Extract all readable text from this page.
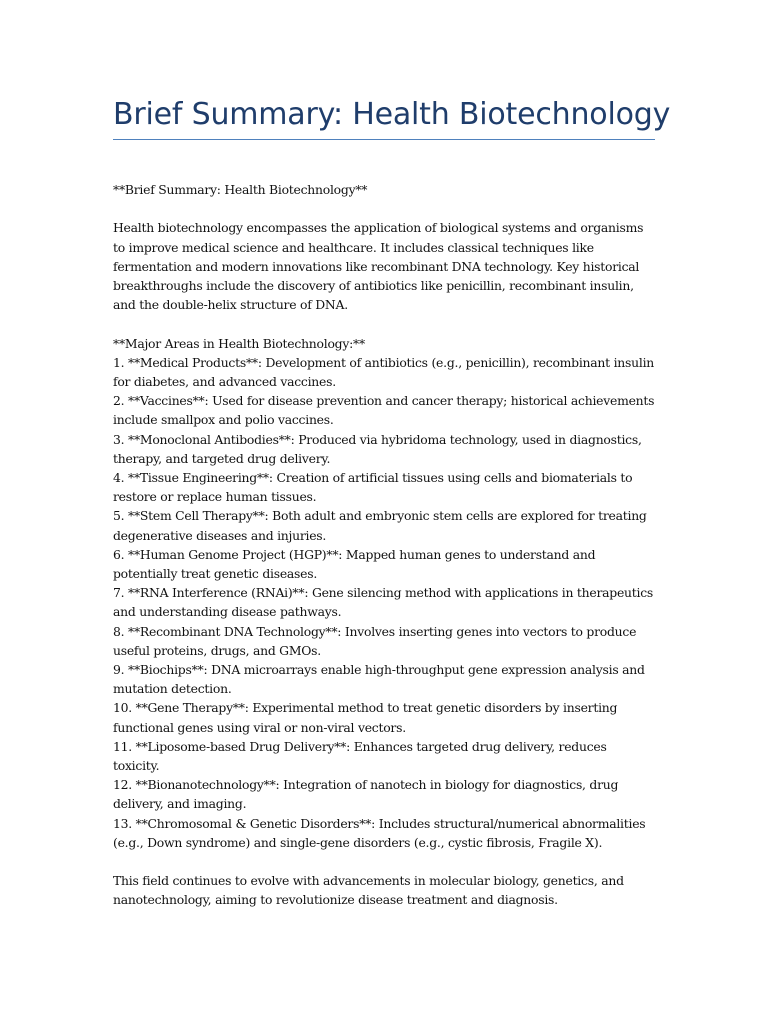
Brief Summary: Health Biotechnology

**Brief Summary: Health Biotechnology**

Health biotechnology encompasses the application of biological systems and organisms to improve medical science and healthcare. It includes classical techniques like fermentation and modern innovations like recombinant DNA technology. Key historical breakthroughs include the discovery of antibiotics like penicillin, recombinant insulin, and the double-helix structure of DNA.

**Major Areas in Health Biotechnology:**

1. **Medical Products**: Development of antibiotics (e.g., penicillin), recombinant insulin for diabetes, and advanced vaccines.
2. **Vaccines**: Used for disease prevention and cancer therapy; historical achievements include smallpox and polio vaccines.
3. **Monoclonal Antibodies**: Produced via hybridoma technology, used in diagnostics, therapy, and targeted drug delivery.
4. **Tissue Engineering**: Creation of artificial tissues using cells and biomaterials to restore or replace human tissues.
5. **Stem Cell Therapy**: Both adult and embryonic stem cells are explored for treating degenerative diseases and injuries.
6. **Human Genome Project (HGP)**: Mapped human genes to understand and potentially treat genetic diseases.
7. **RNA Interference (RNAi)**: Gene silencing method with applications in therapeutics and understanding disease pathways.
8. **Recombinant DNA Technology**: Involves inserting genes into vectors to produce useful proteins, drugs, and GMOs.
9. **Biochips**: DNA microarrays enable high-throughput gene expression analysis and mutation detection.
10. **Gene Therapy**: Experimental method to treat genetic disorders by inserting functional genes using viral or non-viral vectors.
11. **Liposome-based Drug Delivery**: Enhances targeted drug delivery, reduces toxicity.
12. **Bionanotechnology**: Integration of nanotech in biology for diagnostics, drug delivery, and imaging.
13. **Chromosomal & Genetic Disorders**: Includes structural/numerical abnormalities (e.g., Down syndrome) and single-gene disorders (e.g., cystic fibrosis, Fragile X).

This field continues to evolve with advancements in molecular biology, genetics, and nanotechnology, aiming to revolutionize disease treatment and diagnosis.
